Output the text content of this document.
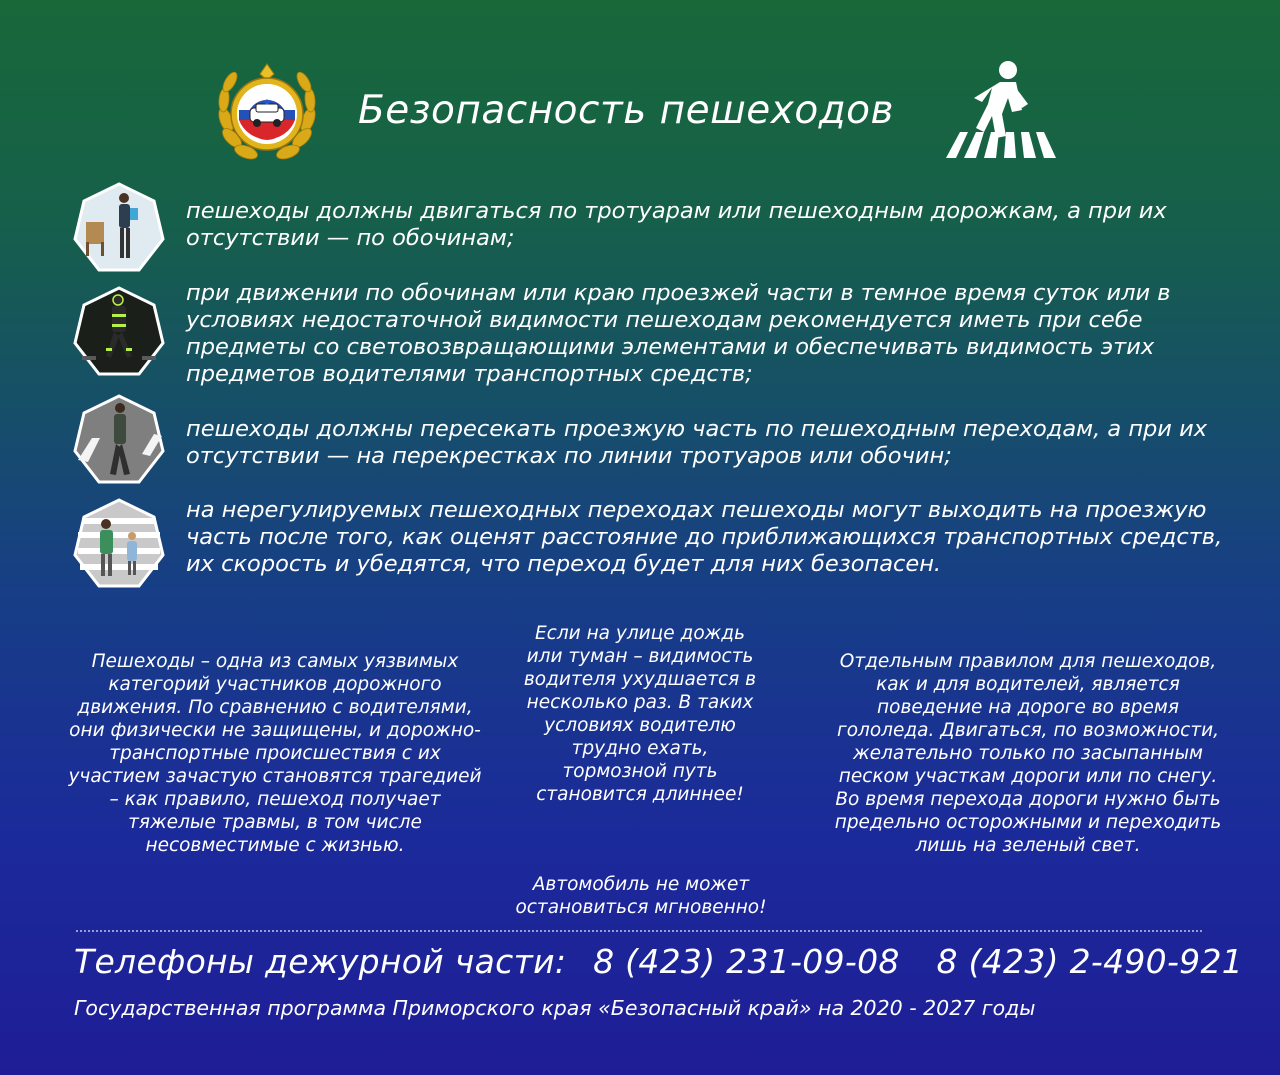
Безопасность пешеходов
пешеходы должны двигаться по тротуарам или пешеходным дорожкам, а при их отсутствии — по обочинам;
при движении по обочинам или краю проезжей части в темное время суток или в условиях недостаточной видимости пешеходам рекомендуется иметь при себе предметы со световозвращающими элементами и обеспечивать видимость этих предметов водителями транспортных средств;
пешеходы должны пересекать проезжую часть по пешеходным переходам, а при их отсутствии — на перекрестках по линии тротуаров или обочин;
на нерегулируемых пешеходных переходах пешеходы могут выходить на проезжую часть после того, как оценят расстояние до приближающихся транспортных средств, их скорость и убедятся, что переход будет для них безопасен.
Пешеходы – одна из самых уязвимых категорий участников дорожного движения. По сравнению с водителями, они физически не защищены, и дорожно-транспортные происшествия с их участием зачастую становятся трагедией – как правило, пешеход получает тяжелые травмы, в том числе несовместимые с жизнью.
Если на улице дождь или туман – видимость водителя ухудшается в несколько раз. В таких условиях водителю трудно ехать, тормозной путь становится длиннее!
Автомобиль не может остановиться мгновенно!
Отдельным правилом для пешеходов, как и для водителей, является поведение на дороге во время гололеда. Двигаться, по возможности, желательно только по засыпанным песком участкам дороги или по снегу. Во время перехода дороги нужно быть предельно осторожными и переходить лишь на зеленый свет.
Телефоны дежурной части: 8 (423) 231-09-08 8 (423) 2-490-921
Государственная программа Приморского края «Безопасный край» на 2020 - 2027 годы
